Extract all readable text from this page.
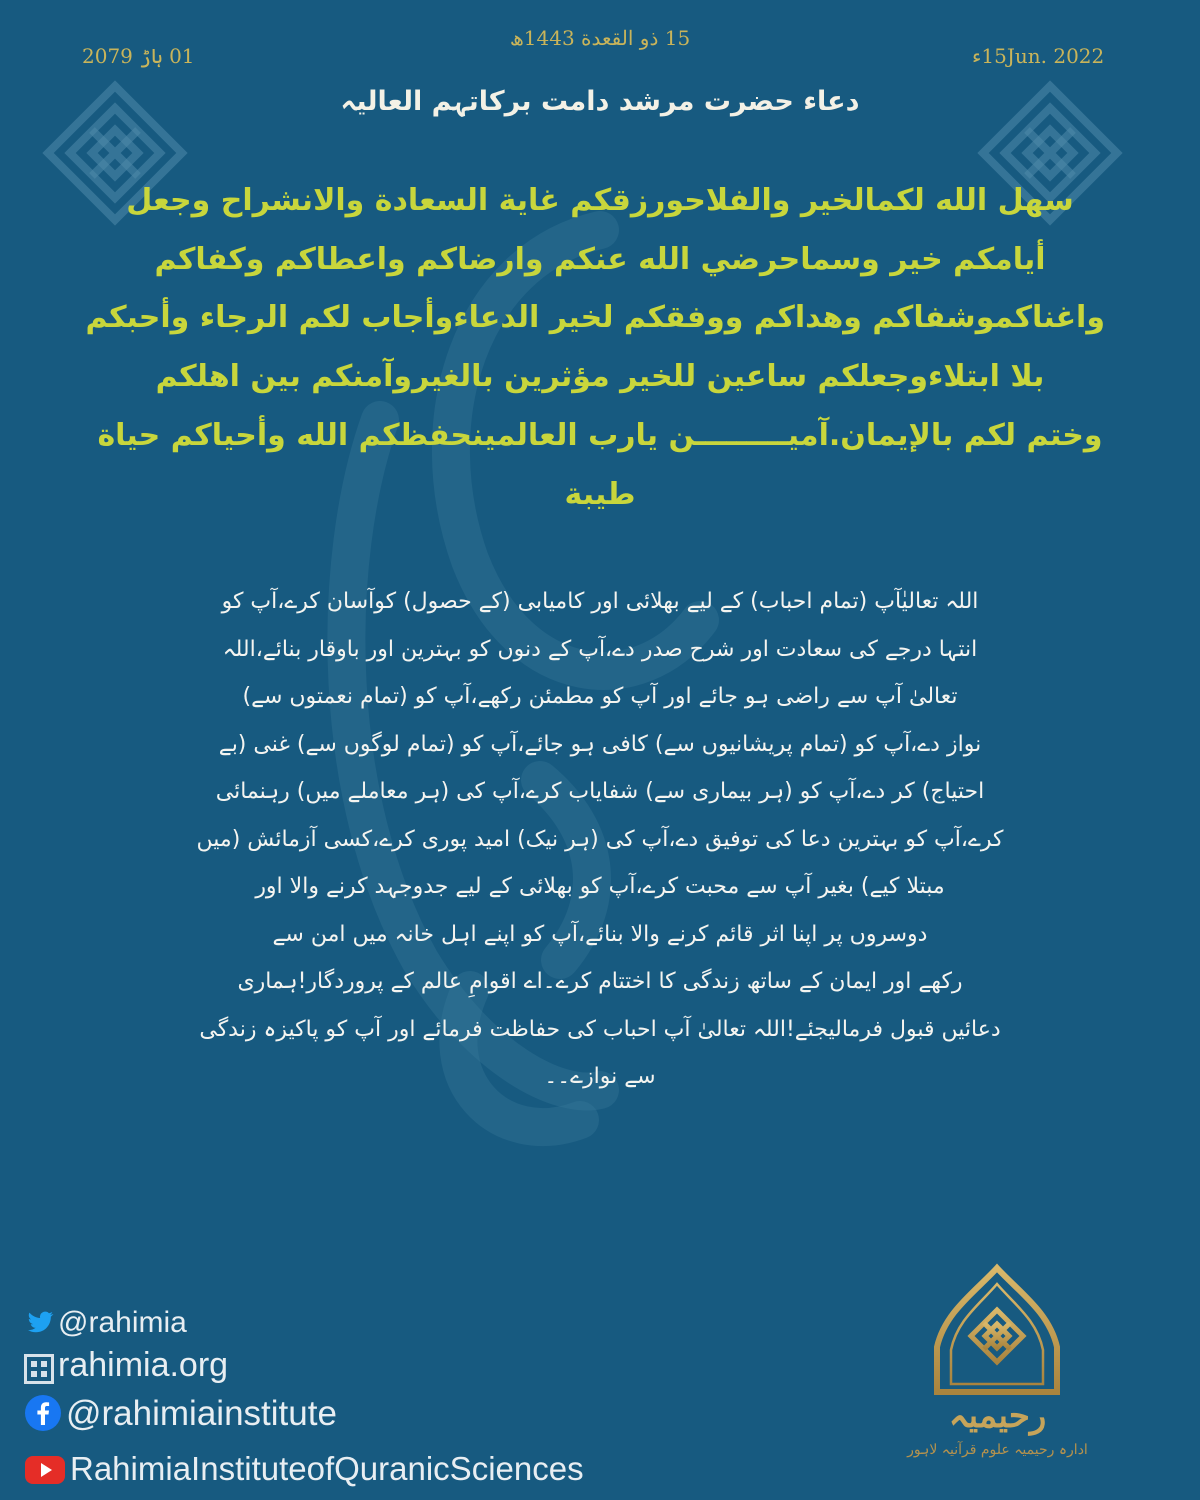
15 ذو القعدة 1443ھ
01 ہاڑ 2079	15Jun. 2022ء
دعاء حضرت مرشد دامت برکاتہم العالیہ
سهل الله لكمالخير والفلاحورزقكم غاية السعادة والانشراح وجعل
أيامكم خير وسماحرضي الله عنكم وارضاكم واعطاكم وكفاكم
واغناكموشفاكم وهداكم ووفقكم لخير الدعاءوأجاب لكم الرجاء وأحبكم
بلا ابتلاءوجعلكم ساعين للخير مؤثرين بالغيروآمنكم بين اهلكم
وختم لكم بالإيمان.آميـــــــــن يارب العالمينحفظكم الله وأحياكم حياة
طيبة
اللہ تعالیٰآپ (تمام احباب) کے لیے بھلائی اور کامیابی (کے حصول) کوآسان کرے،آپ کو
انتہا درجے کی سعادت اور شرح صدر دے،آپ کے دنوں کو بہترین اور باوقار بنائے،اللہ
تعالیٰ آپ سے راضی ہو جائے اور آپ کو مطمئن رکھے،آپ کو (تمام نعمتوں سے)
نواز دے،آپ کو (تمام پریشانیوں سے) کافی ہو جائے،آپ کو (تمام لوگوں سے) غنی (بے
احتیاج) کر دے،آپ کو (ہر بیماری سے) شفایاب کرے،آپ کی (ہر معاملے میں) رہنمائی
کرے،آپ کو بہترین دعا کی توفیق دے،آپ کی (ہر نیک) امید پوری کرے،کسی آزمائش (میں
مبتلا کیے) بغیر آپ سے محبت کرے،آپ کو بھلائی کے لیے جدوجہد کرنے والا اور
دوسروں پر اپنا اثر قائم کرنے والا بنائے،آپ کو اپنے اہل خانہ میں امن سے
رکھے اور ایمان کے ساتھ زندگی کا اختتام کرے۔اے اقوامِ عالم کے پروردگار!ہماری
دعائیں قبول فرمالیجئے!اللہ تعالیٰ آپ احباب کی حفاظت فرمائے اور آپ کو پاکیزہ زندگی
سے نوازے۔۔
@rahimia
rahimia.org
@rahimiainstitute
RahimiaInstituteofQuranicSciences
رحیمیہ
ادارہ رحیمیہ علوم قرآنیہ لاہور
